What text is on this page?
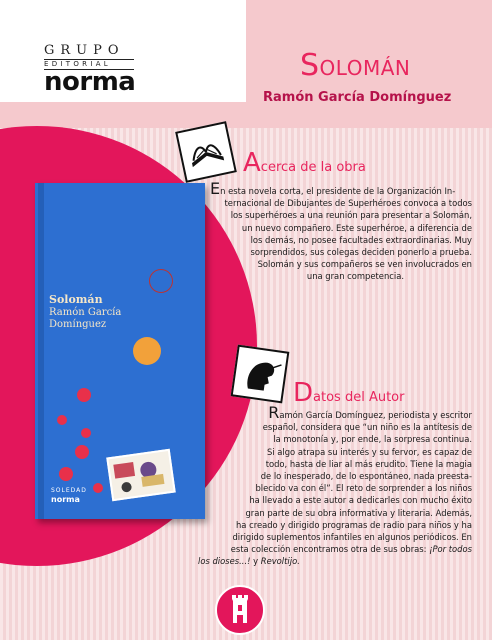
GRUPO
EDITORIAL
norma	SOLOMÁN
Ramón García Domínguez
Acerca de la obra
En esta novela corta, el presidente de la Organización In-
ternacional de Dibujantes de Superhéroes convoca a todos
los superhéroes a una reunión para presentar a Solomán,
un nuevo compañero. Este superhéroe, a diferencia de
los demás, no posee facultades extraordinarias. Muy
sorprendidos, sus colegas deciden ponerlo a prueba.
Solomán y sus compañeros se ven involucrados en
una gran competencia.
Solomán
Ramón García
Domínguez
SOLEDAD
norma
Datos del Autor
Ramón García Domínguez, periodista y escritor
español, considera que “un niño es la antítesis de
la monotonía y, por ende, la sorpresa continua.
Si algo atrapa su interés y su fervor, es capaz de
todo, hasta de liar al más erudito. Tiene la magia
de lo inesperado, de lo espontáneo, nada preesta-
blecido va con él”. El reto de sorprender a los niños
ha llevado a este autor a dedicarles con mucho éxito
gran parte de su obra informativa y literaria. Además,
ha creado y dirigido programas de radio para niños y ha
dirigido suplementos infantiles en algunos periódicos. En
esta colección encontramos otra de sus obras: ¡Por todos
los dioses...! y Revoltijo.
